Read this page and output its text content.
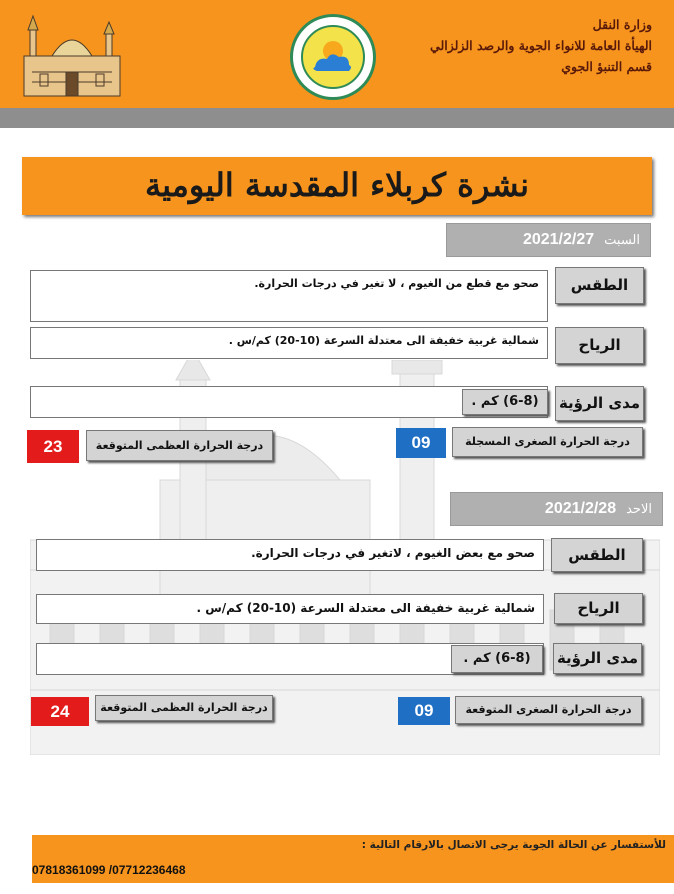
وزارة النقل
الهيأة العامة للانواء الجوية والرصد الزلزالي
قسم التنبؤ الجوي
نشرة كربلاء المقدسة اليومية
السبت2021/2/27
الطقس
صحو مع قطع من الغيوم ، لا تغير في درجات الحرارة.
الرياح
شمالية غربية خفيفة الى معتدلة السرعة (10-20) كم/س .
مدى الرؤية
(6-8) كم .
درجة الحرارة الصغرى المسجلة
09
درجة الحرارة العظمى المتوقعة
23
الاحد2021/2/28
الطقس
صحو مع بعض الغيوم ، لاتغير في درجات الحرارة.
الرياح
شمالية غربية خفيفة الى معتدلة السرعة (10-20) كم/س .
مدى الرؤية
(6-8) كم .
درجة الحرارة الصغرى المتوقعة
09
درجة الحرارة العظمى المتوقعة
24
للأستفسار عن الحالة الجوية يرجى الاتصال بالارقام التالية :
07818361099 /07712236468
